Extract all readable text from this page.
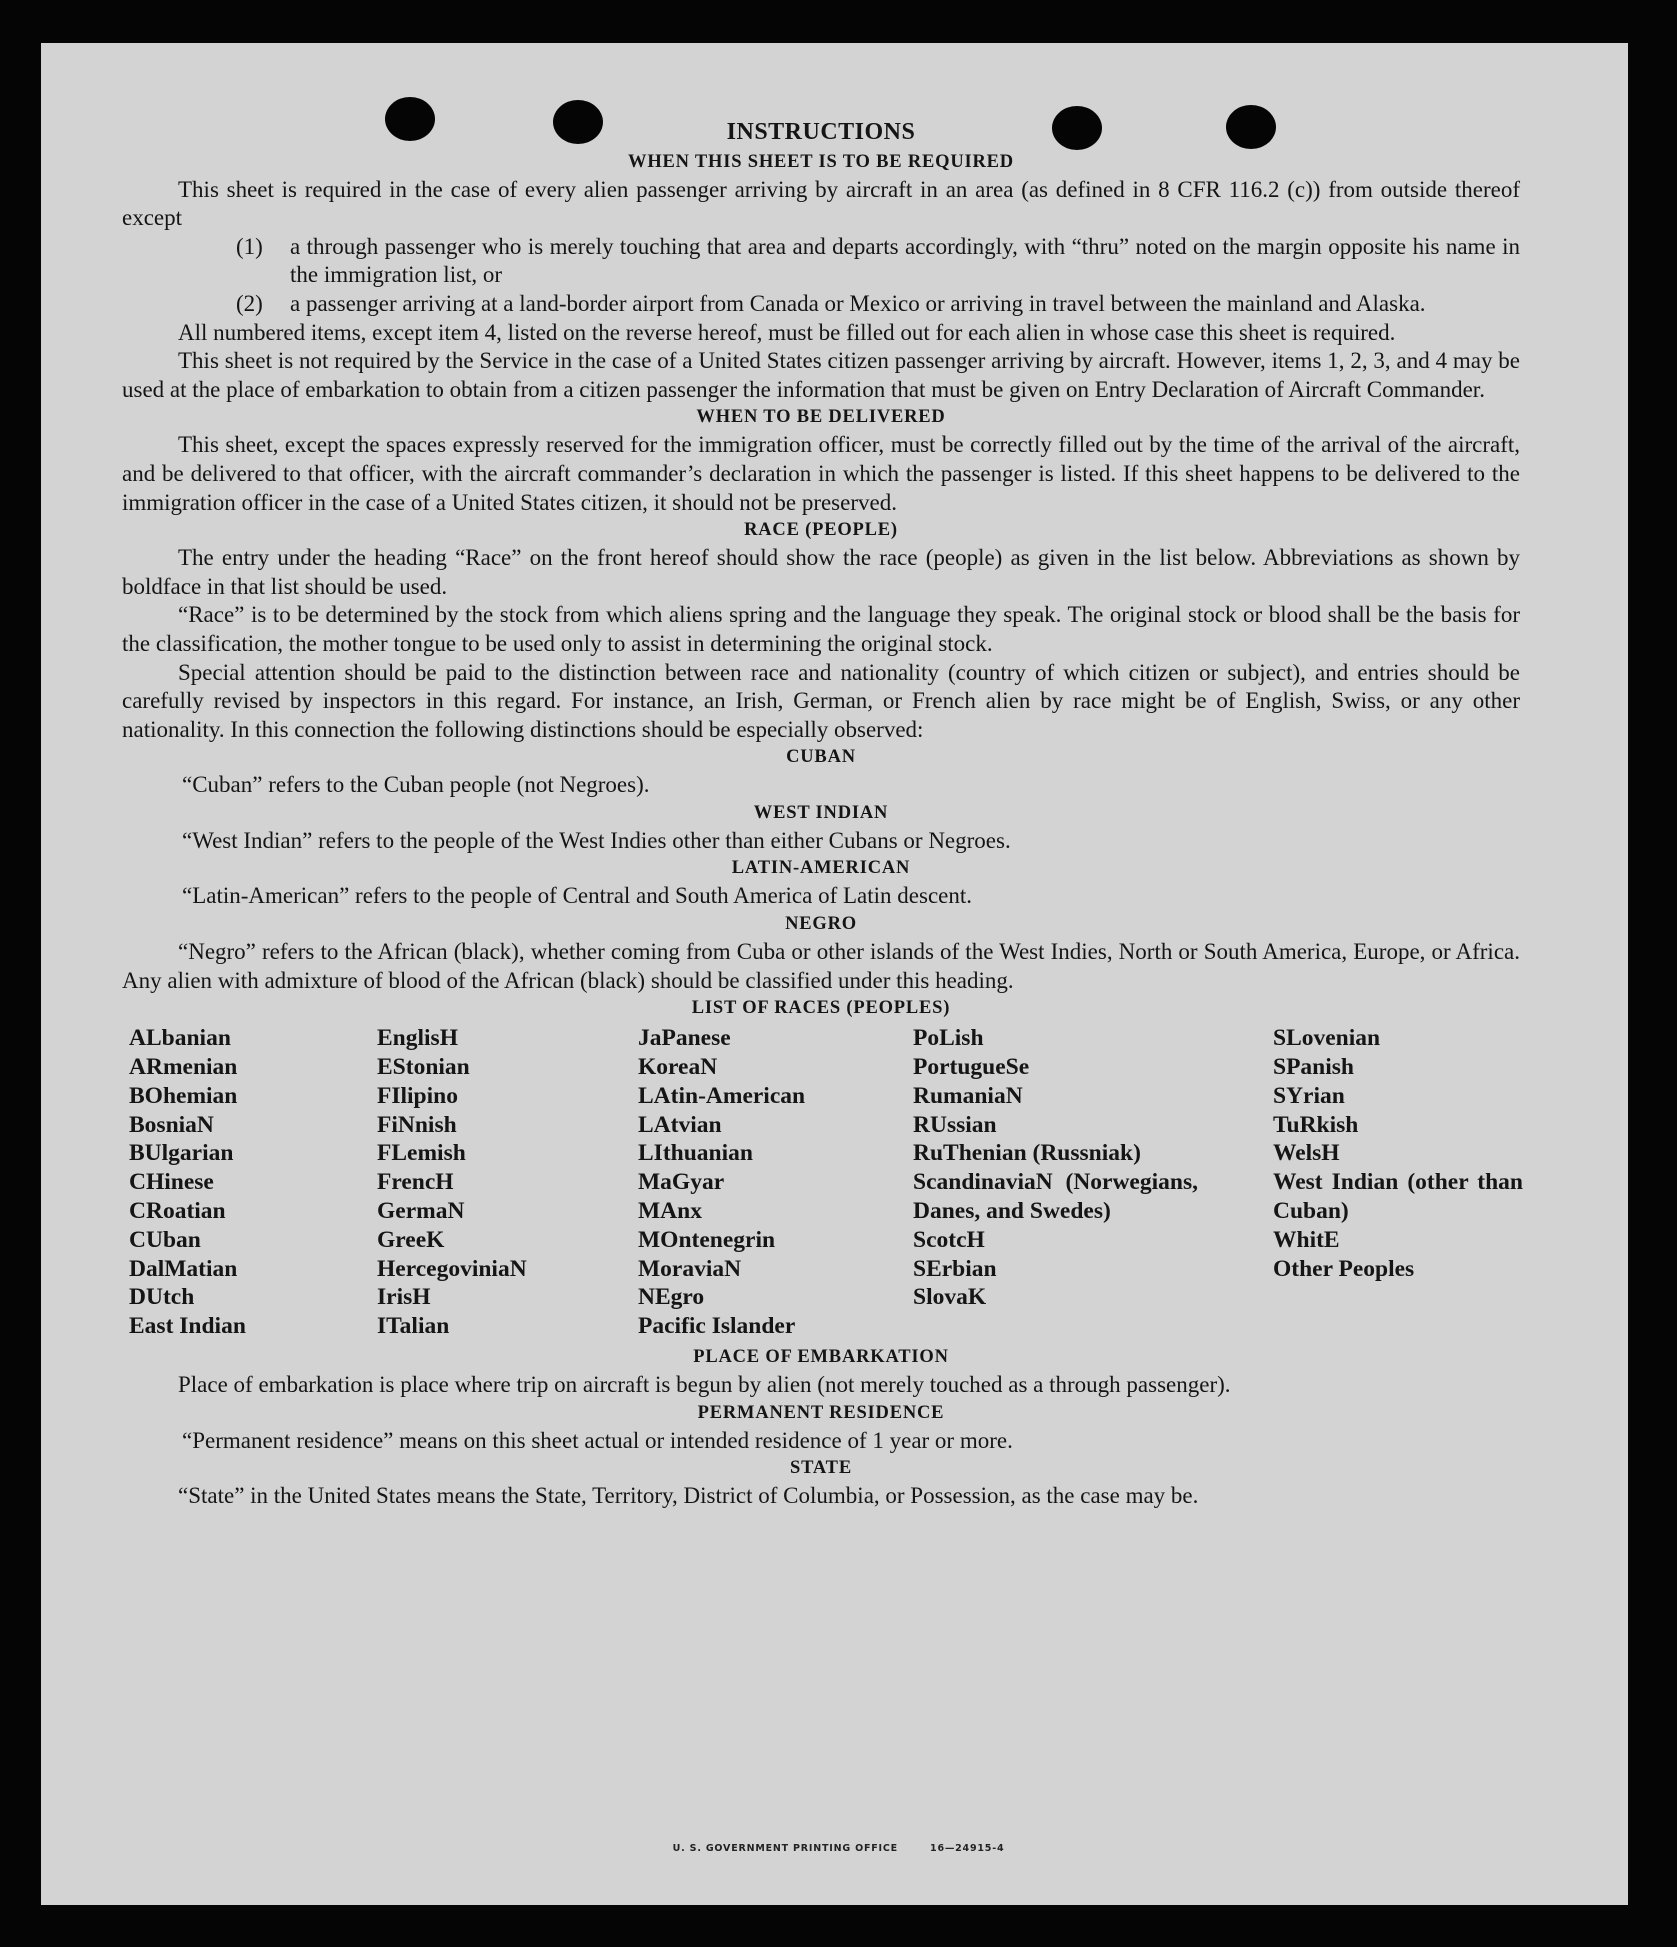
INSTRUCTIONS
WHEN THIS SHEET IS TO BE REQUIRED

This sheet is required in the case of every alien passenger arriving by aircraft in an area (as defined in 8 CFR 116.2 (c)) from outside thereof except

(1)	a through passenger who is merely touching that area and departs accordingly, with “thru” noted on the margin opposite his name in the immigration list, or
(2)	a passenger arriving at a land-border airport from Canada or Mexico or arriving in travel between the mainland and Alaska.

All numbered items, except item 4, listed on the reverse hereof, must be filled out for each alien in whose case this sheet is required.

This sheet is not required by the Service in the case of a United States citizen passenger arriving by aircraft. However, items 1, 2, 3, and 4 may be used at the place of embarkation to obtain from a citizen passenger the information that must be given on Entry Declaration of Aircraft Commander.

WHEN TO BE DELIVERED

This sheet, except the spaces expressly reserved for the immigration officer, must be correctly filled out by the time of the arrival of the aircraft, and be delivered to that officer, with the aircraft commander’s declaration in which the passenger is listed. If this sheet happens to be delivered to the immigration officer in the case of a United States citizen, it should not be preserved.

RACE (PEOPLE)

The entry under the heading “Race” on the front hereof should show the race (people) as given in the list below. Abbreviations as shown by boldface in that list should be used.

“Race” is to be determined by the stock from which aliens spring and the language they speak. The original stock or blood shall be the basis for the classification, the mother tongue to be used only to assist in determining the original stock.

Special attention should be paid to the distinction between race and nationality (country of which citizen or subject), and entries should be carefully revised by inspectors in this regard. For instance, an Irish, German, or French alien by race might be of English, Swiss, or any other nationality. In this connection the following distinctions should be especially observed:

CUBAN

“Cuban” refers to the Cuban people (not Negroes).

WEST INDIAN

“West Indian” refers to the people of the West Indies other than either Cubans or Negroes.

LATIN-AMERICAN

“Latin-American” refers to the people of Central and South America of Latin descent.

NEGRO

“Negro” refers to the African (black), whether coming from Cuba or other islands of the West Indies, North or South America, Europe, or Africa. Any alien with admixture of blood of the African (black) should be classified under this heading.

LIST OF RACES (PEOPLES)
ALbanian
ARmenian
BOhemian
BosniaN
BUlgarian
CHinese
CRoatian
CUban
DalMatian
DUtch
East Indian
EnglisH
EStonian
FIlipino
FiNnish
FLemish
FrencH
GermaN
GreeK
HercegoviniaN
IrisH
ITalian
JaPanese
KoreaN
LAtin-American
LAtvian
LIthuanian
MaGyar
MAnx
MOntenegrin
MoraviaN
NEgro
Pacific Islander
PoLish
PortugueSe
RumaniaN
RUssian
RuThenian (Russniak)
ScandinaviaN (Norwegians, Danes, and Swedes)
ScotcH
SErbian
SlovaK
SLovenian
SPanish
SYrian
TuRkish
WelsH
West Indian (other than Cuban)
WhitE
Other Peoples
PLACE OF EMBARKATION

Place of embarkation is place where trip on aircraft is begun by alien (not merely touched as a through passenger).

PERMANENT RESIDENCE

“Permanent residence” means on this sheet actual or intended residence of 1 year or more.

STATE

“State” in the United States means the State, Territory, District of Columbia, or Possession, as the case may be.

U. S. GOVERNMENT PRINTING OFFICE	16—24915-4
